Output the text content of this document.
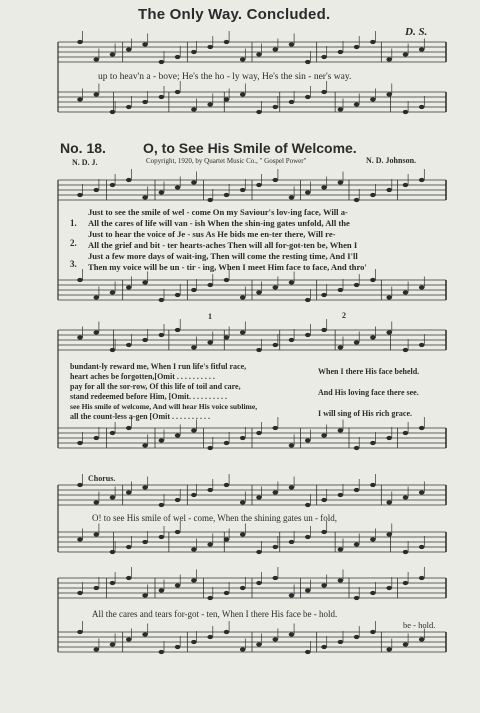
The Only Way. Concluded.
D. S.
up to heav'n a - bove; He's the ho - ly way, He's the sin - ner's way.
No. 18.	O, to See His Smile of Welcome.
N. D. J.	Copyright, 1920, by Quartet Music Co., " Gospel Power"	N. D. Johnson.
1.
2.
3.
Just to see the smile of wel - come On my Saviour's lov-ing face, Will a-
All the cares of life will van - ish When the shin-ing gates unfold, All the
Just to hear the voice of Je - sus As He bids me en-ter there, Will re-
All the grief and bit - ter hearts-aches Then will all for-got-ten be, When I
Just a few more days of wait-ing, Then will come the resting time, And I'll
Then my voice will be un - tir - ing, When I meet Him face to face, And thro'
bundant-ly reward me, When I run life's fitful race,
heart aches be forgotten,[Omit . . . . . . . . . .
pay for all the sor-row, Of this life of toil and care,
stand redeemed before Him, [Omit. . . . . . . . . .
see His smile of welcome, And will hear His voice sublime,
all the count-less a-gen [Omit . . . . . . . . . .
When I there His face beheld.
And His loving face there see.
I will sing of His rich grace.
1	2
Chorus.
O! to see His smile of wel - come, When the shining gates un - fold,
All the cares and tears for-got - ten, When I there His face be - hold.
be - hold.
